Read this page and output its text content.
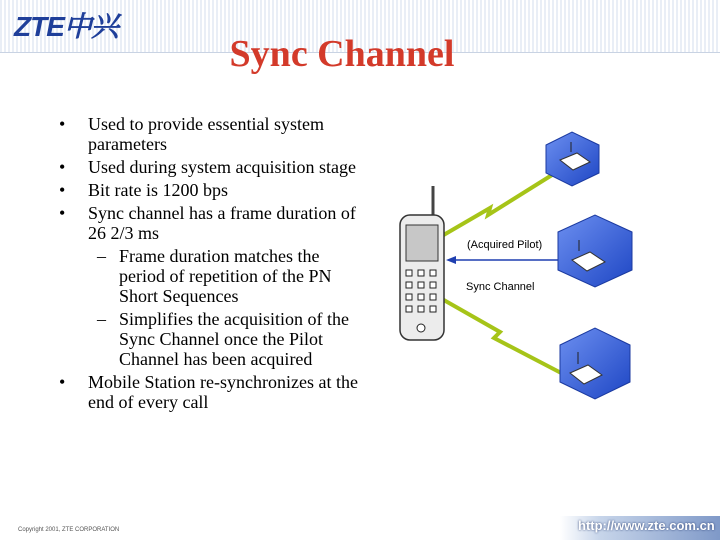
ZTE中兴
Sync Channel
• Used to provide essential system parameters
• Used during system acquisition stage
• Bit rate is 1200 bps
• Sync channel has a frame duration of 26 2/3 ms
– Frame duration matches the period of repetition of the PN Short Sequences
– Simplifies the acquisition of the Sync Channel once the Pilot Channel has been acquired
• Mobile Station re-synchronizes at the end of every call
(Acquired Pilot)
Sync Channel
Copyright 2001, ZTE CORPORATION	http://www.zte.com.cn
